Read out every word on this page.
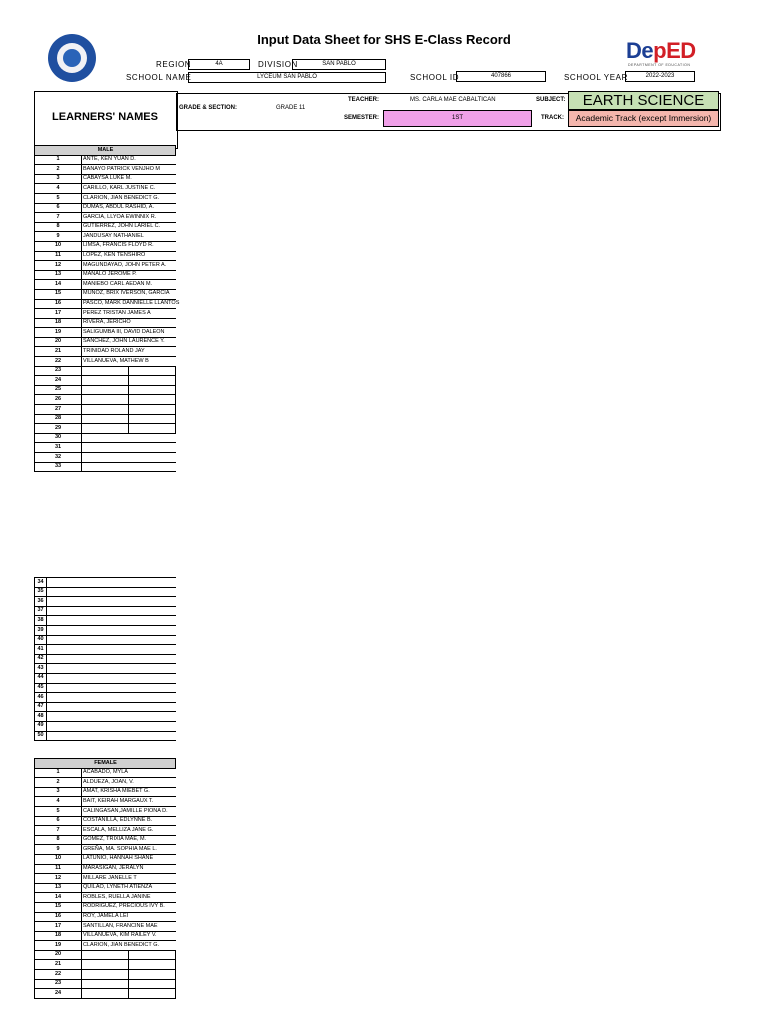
Input Data Sheet for SHS E-Class Record	DepED
DEPARTMENT OF EDUCATION
REGION	4A	DIVISION	SAN PABLO
SCHOOL NAME	LYCEUM SAN PABLO	SCHOOL ID	407866	SCHOOL YEAR	2022-2023
LEARNERS' NAMES
GRADE & SECTION:	GRADE 11
TEACHER:	MS. CARLA MAE CABALTICAN
SEMESTER:	1ST
SUBJECT:	EARTH SCIENCE
TRACK:	Academic Track (except Immersion)
MALE		
1	ANTE, KEN YUAN D.	
2	BANAYO PATRICK VENJHO M	
3	CABAYSA LUKE M.	
4	CARILLO, KARL JUSTINE C.	
5	CLARION, JIAN BENEDICT G.	
6	DUMAS, ABDUL RASHID, A.	
7	GARCIA, LLYOA EWINNIX R.	
8	GUTIERREZ, JOHN LARIEL C.	
9	JANDUSAY NATHANIEL	
10	LIMSA, FRANCIS FLOYD R.	
11	LOPEZ, KEN TENSHIRO	
12	MAGUNDAYAO, JOHN PETER A.	
13	MANALO JEROME P.	
14	MANIEBO CARL AEDAN M.	
15	MUÑOZ, BRIX IVERSON, GARCIA	
16	PASCO, MARK DANNIELLE LLANTOS	
17	PEREZ TRISTAN JAMES A	
18	RIVERA, JERICHO	
19	SALIGUMBA III, DAVID DALEON	
20	SANCHEZ, JOHN LAURENCE Y.	
21	TRINIDAD ROLAND JAY	
22	VILLANUEVA, MATHEW B	
23		
24		
25		
26		
27		
28		
29		
30		
31		
32		
33		
34		
35		
36		
37		
38		
39		
40		
41		
42		
43		
44		
45		
46		
47		
48		
49		
50		
FEMALE		
1	ACABADO, MYLA	
2	ALDUEZA, JOAN, V.	
3	AMAT, KRISHA MIEBET G.	
4	BAIT, KEIRAH MARGAUX T.	
5	CALINGASAN,JAMILLE PIONA D.	
6	COSTANILLA, EDLYNNE B.	
7	ESCALA, MELLIZA JANE G.	
8	GOMEZ, TRIXIA MAE, M.	
9	GREÑA, MA. SOPHIA MAE L.	
10	LATUNIO, HANNAH SHANE	
11	MARASIGAN, JERALYN	
12	MILLARE JANELLE T	
13	QUILAO, LYNETH ATIENZA	
14	ROBLES, RUELLA JANINE	
15	RODRIGUEZ, PRECIOUS IVY B.	
16	ROY, JAMELA LEI	
17	SANTILLAN, FRANCINE MAE	
18	VILLANUEVA, KIM RAILEY V.	
19	CLARION, JIAN BENEDICT G.	
20		
21		
22		
23		
24		
